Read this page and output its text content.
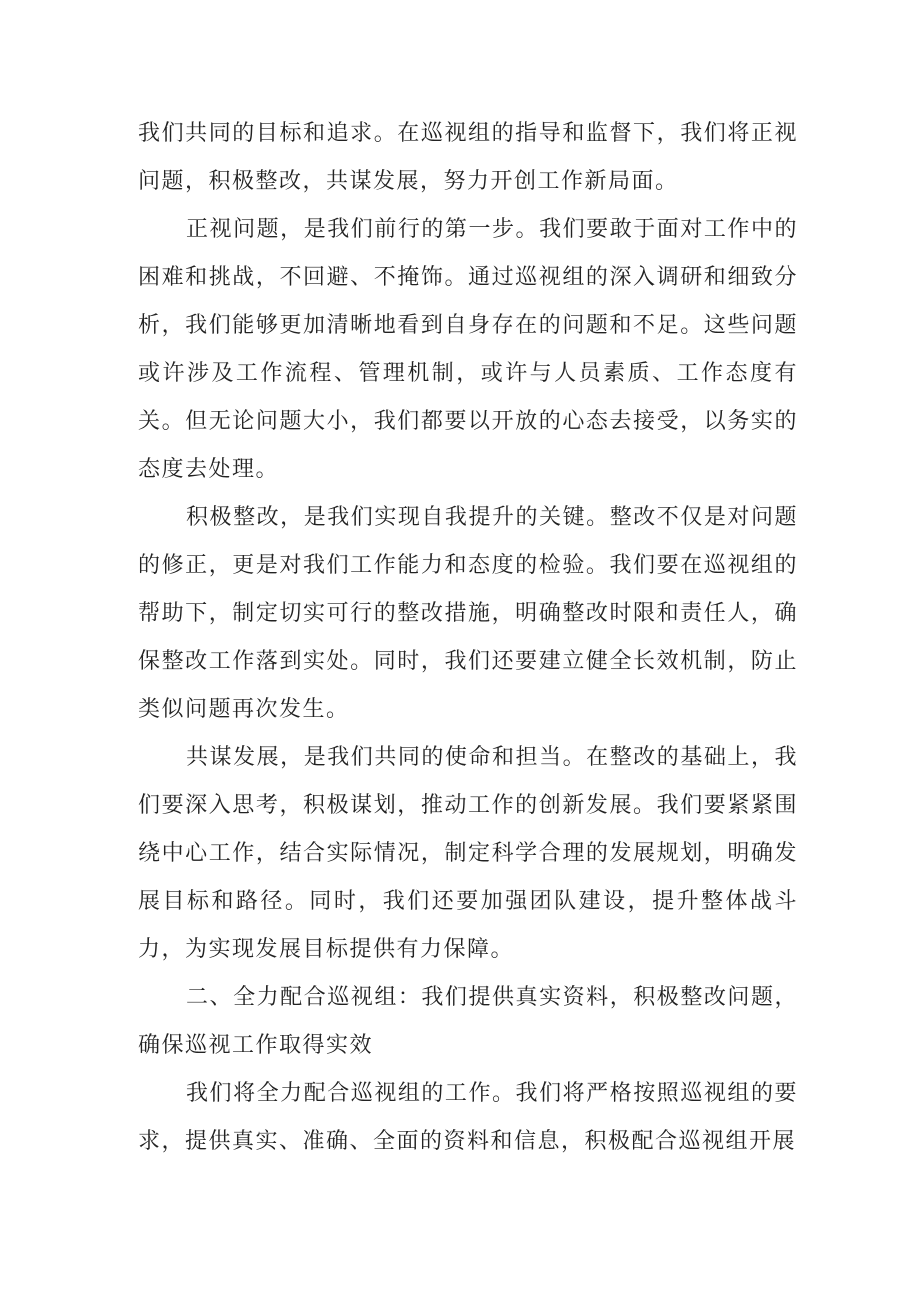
我们共同的目标和追求。在巡视组的指导和监督下，我们将正视问题，积极整改，共谋发展，努力开创工作新局面。

正视问题，是我们前行的第一步。我们要敢于面对工作中的困难和挑战，不回避、不掩饰。通过巡视组的深入调研和细致分析，我们能够更加清晰地看到自身存在的问题和不足。这些问题或许涉及工作流程、管理机制，或许与人员素质、工作态度有关。但无论问题大小，我们都要以开放的心态去接受，以务实的态度去处理。

积极整改，是我们实现自我提升的关键。整改不仅是对问题的修正，更是对我们工作能力和态度的检验。我们要在巡视组的帮助下，制定切实可行的整改措施，明确整改时限和责任人，确保整改工作落到实处。同时，我们还要建立健全长效机制，防止类似问题再次发生。

共谋发展，是我们共同的使命和担当。在整改的基础上，我们要深入思考，积极谋划，推动工作的创新发展。我们要紧紧围绕中心工作，结合实际情况，制定科学合理的发展规划，明确发展目标和路径。同时，我们还要加强团队建设，提升整体战斗力，为实现发展目标提供有力保障。

二、全力配合巡视组：我们提供真实资料，积极整改问题，确保巡视工作取得实效

我们将全力配合巡视组的工作。我们将严格按照巡视组的要求，提供真实、准确、全面的资料和信息，积极配合巡视组开展
